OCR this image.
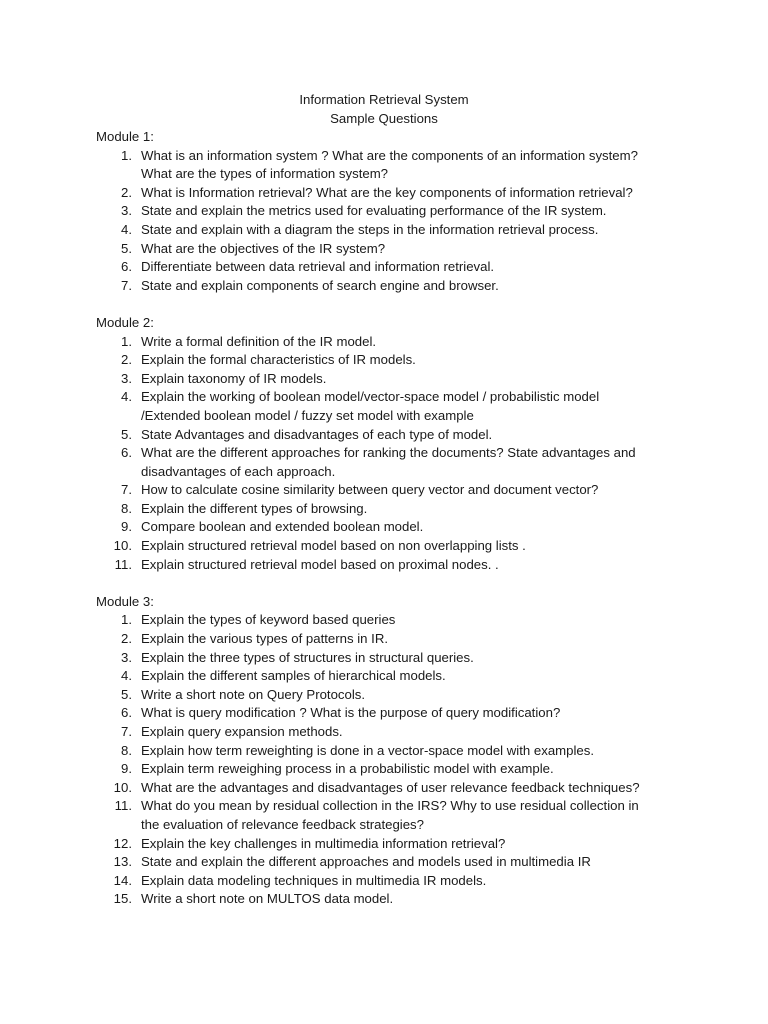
Information Retrieval System
Sample Questions
Module 1:
1. What is an information system ? What are the components of an information system?
What are the types of information system?
2. What is Information retrieval? What are the key components of information retrieval?
3. State and explain the metrics used for evaluating performance of the IR system.
4. State and explain with a diagram the steps in the information retrieval process.
5. What are the objectives of the IR system?
6. Differentiate between data retrieval and information retrieval.
7. State and explain components of search engine and browser.
Module 2:
1. Write a formal definition of the IR model.
2. Explain the formal characteristics of IR models.
3. Explain taxonomy of IR models.
4. Explain the working of boolean model/vector-space model / probabilistic model
/Extended boolean model / fuzzy set model with example
5. State Advantages and disadvantages of each type of model.
6. What are the different approaches for ranking the documents? State advantages and
disadvantages of each approach.
7. How to calculate cosine similarity between query vector and document vector?
8. Explain the different types of browsing.
9. Compare boolean and extended boolean model.
10. Explain structured retrieval model based on non overlapping lists .
11. Explain structured retrieval model based on proximal nodes. .
Module 3:
1. Explain the types of keyword based queries
2. Explain the various types of patterns in IR.
3. Explain the three types of structures in structural queries.
4. Explain the different samples of hierarchical models.
5. Write a short note on Query Protocols.
6. What is query modification ? What is the purpose of query modification?
7. Explain query expansion methods.
8. Explain how term reweighting is done in a vector-space model with examples.
9. Explain term reweighing process in a probabilistic model with example.
10. What are the advantages and disadvantages of user relevance feedback techniques?
11. What do you mean by residual collection in the IRS? Why to use residual collection in
the evaluation of relevance feedback strategies?
12. Explain the key challenges in multimedia information retrieval?
13. State and explain the different approaches and models used in multimedia IR
14. Explain data modeling techniques in multimedia IR models.
15. Write a short note on MULTOS data model.
